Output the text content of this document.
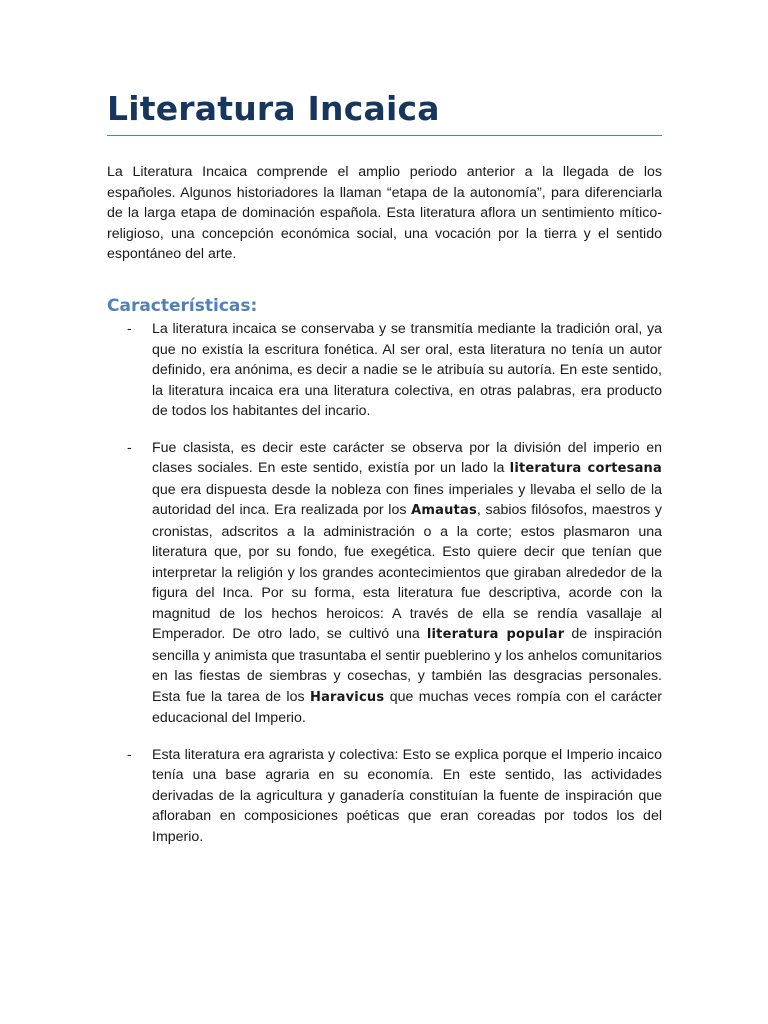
Literatura Incaica

La Literatura Incaica comprende el amplio periodo anterior a la llegada de los españoles. Algunos historiadores la llaman “etapa de la autonomía”, para diferenciarla de la larga etapa de dominación española. Esta literatura aflora un sentimiento mítico-religioso, una concepción económica social, una vocación por la tierra y el sentido espontáneo del arte.

Características:
- La literatura incaica se conservaba y se transmitía mediante la tradición oral, ya que no existía la escritura fonética. Al ser oral, esta literatura no tenía un autor definido, era anónima, es decir a nadie se le atribuía su autoría. En este sentido, la literatura incaica era una literatura colectiva, en otras palabras, era producto de todos los habitantes del incario.

- Fue clasista, es decir este carácter se observa por la división del imperio en clases sociales. En este sentido, existía por un lado la literatura cortesana que era dispuesta desde la nobleza con fines imperiales y llevaba el sello de la autoridad del inca. Era realizada por los Amautas, sabios filósofos, maestros y cronistas, adscritos a la administración o a la corte; estos plasmaron una literatura que, por su fondo, fue exegética. Esto quiere decir que tenían que interpretar la religión y los grandes acontecimientos que giraban alrededor de la figura del Inca. Por su forma, esta literatura fue descriptiva, acorde con la magnitud de los hechos heroicos: A través de ella se rendía vasallaje al Emperador. De otro lado, se cultivó una literatura popular de inspiración sencilla y animista que trasuntaba el sentir pueblerino y los anhelos comunitarios en las fiestas de siembras y cosechas, y también las desgracias personales. Esta fue la tarea de los Haravicus que muchas veces rompía con el carácter educacional del Imperio.

- Esta literatura era agrarista y colectiva: Esto se explica porque el Imperio incaico tenía una base agraria en su economía. En este sentido, las actividades derivadas de la agricultura y ganadería constituían la fuente de inspiración que afloraban en composiciones poéticas que eran coreadas por todos los del Imperio.
